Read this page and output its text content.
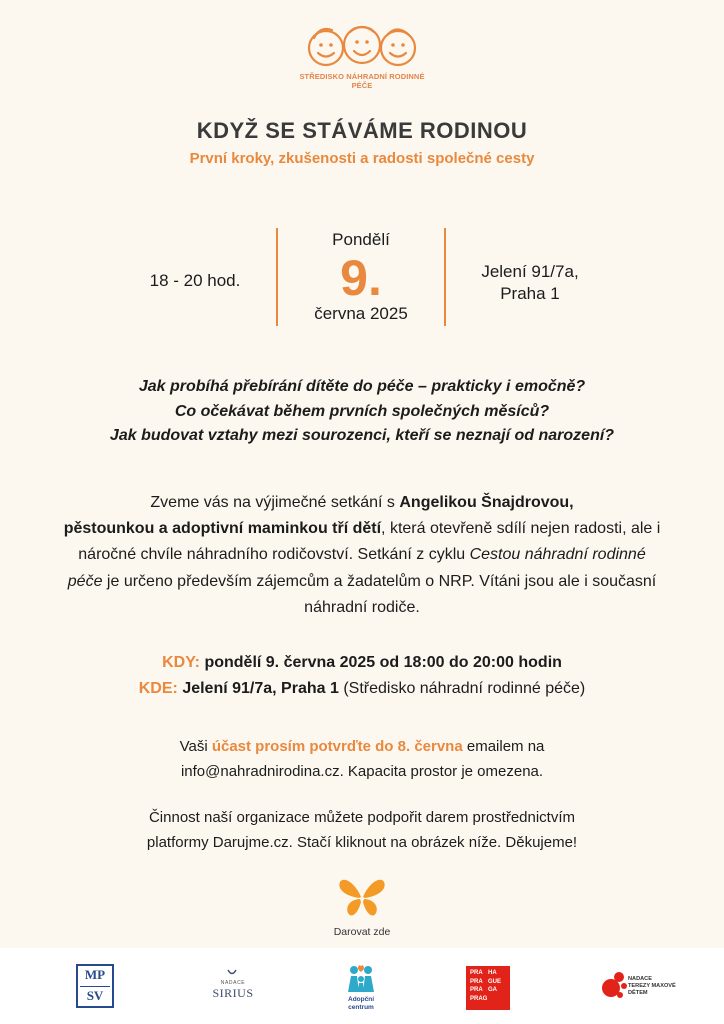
STŘEDISKO NÁHRADNÍ RODINNÉ PÉČE
KDYŽ SE STÁVÁME RODINOU
První kroky, zkušenosti a radosti společné cesty
18 - 20 hod.
Pondělí
9.
června 2025
Jelení 91/7a,
Praha 1
Jak probíhá přebírání dítěte do péče – prakticky i emočně?
Co očekávat během prvních společných měsíců?
Jak budovat vztahy mezi sourozenci, kteří se neznají od narození?
Zveme vás na výjimečné setkání s Angelikou Šnajdrovou,
pěstounkou a adoptivní maminkou tří dětí, která otevřeně sdílí nejen radosti, ale i náročné chvíle náhradního rodičovství. Setkání z cyklu Cestou náhradní rodinné péče je určeno především zájemcům a žadatelům o NRP. Vítáni jsou ale i současní náhradní rodiče.
KDY: pondělí 9. června 2025 od 18:00 do 20:00 hodin
KDE: Jelení 91/7a, Praha 1 (Středisko náhradní rodinné péče)
Vaši účast prosím potvrďte do 8. června emailem na
info@nahradnirodina.cz. Kapacita prostor je omezena.
Činnost naší organizace můžete podpořit darem prostřednictvím
platformy Darujme.cz. Stačí kliknout na obrázek níže. Děkujeme!
Darovat zde
MP
SV
NADACE
SIRIUS	Adopční
centrum
PRA HA
PRA GUE
PRA GA
PRAG
NADACE
TEREZY MAXOVÉ
DĚTEM
